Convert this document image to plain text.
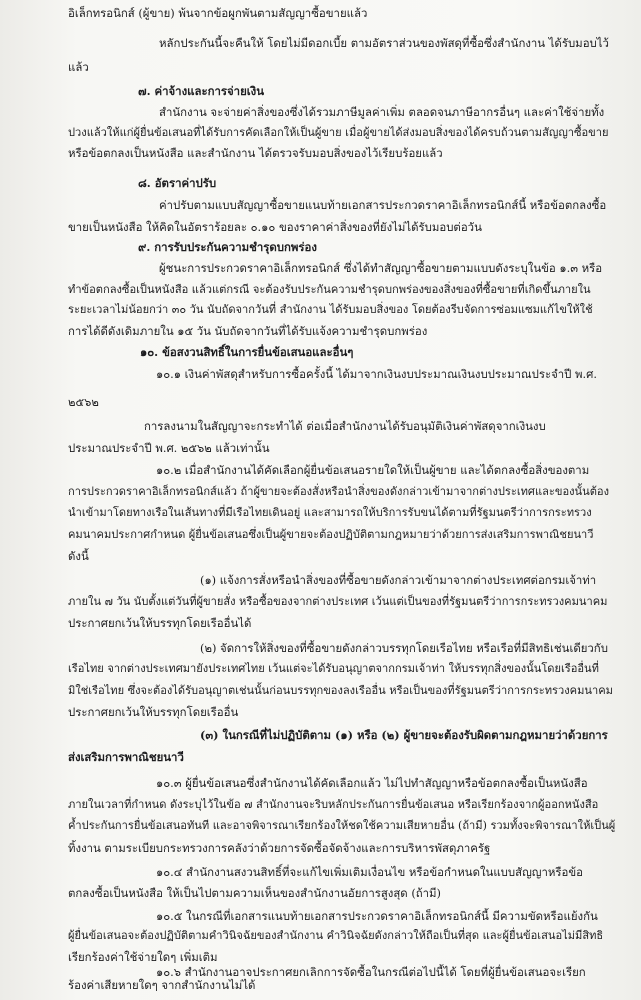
อิเล็กทรอนิกส์ (ผู้ขาย) พ้นจากข้อผูกพันตามสัญญาซื้อขายแล้ว

หลักประกันนี้จะคืนให้ โดยไม่มีดอกเบี้ย ตามอัตราส่วนของพัสดุที่ซื้อซึ่งสำนักงาน ได้รับมอบไว้

แล้ว

๗. ค่าจ้างและการจ่ายเงิน

สำนักงาน จะจ่ายค่าสิ่งของซึ่งได้รวมภาษีมูลค่าเพิ่ม ตลอดจนภาษีอากรอื่นๆ และค่าใช้จ่ายทั้ง

ปวงแล้วให้แก่ผู้ยื่นข้อเสนอที่ได้รับการคัดเลือกให้เป็นผู้ขาย เมื่อผู้ขายได้ส่งมอบสิ่งของได้ครบถ้วนตามสัญญาซื้อขาย

หรือข้อตกลงเป็นหนังสือ และสำนักงาน ได้ตรวจรับมอบสิ่งของไว้เรียบร้อยแล้ว

๘. อัตราค่าปรับ

ค่าปรับตามแบบสัญญาซื้อขายแนบท้ายเอกสารประกวดราคาอิเล็กทรอนิกส์นี้ หรือข้อตกลงซื้อ

ขายเป็นหนังสือ ให้คิดในอัตราร้อยละ ๐.๑๐ ของราคาค่าสิ่งของที่ยังไม่ได้รับมอบต่อวัน

๙. การรับประกันความชำรุดบกพร่อง

ผู้ชนะการประกวดราคาอิเล็กทรอนิกส์ ซึ่งได้ทำสัญญาซื้อขายตามแบบดังระบุในข้อ ๑.๓ หรือ

ทำข้อตกลงซื้อเป็นหนังสือ แล้วแต่กรณี จะต้องรับประกันความชำรุดบกพร่องของสิ่งของที่ซื้อขายที่เกิดขึ้นภายใน

ระยะเวลาไม่น้อยกว่า ๓๐ วัน นับถัดจากวันที่ สำนักงาน ได้รับมอบสิ่งของ โดยต้องรีบจัดการซ่อมแซมแก้ไขให้ใช้

การได้ดีดังเดิมภายใน ๑๕ วัน นับถัดจากวันที่ได้รับแจ้งความชำรุดบกพร่อง

๑๐. ข้อสงวนสิทธิ์ในการยื่นข้อเสนอและอื่นๆ

๑๐.๑ เงินค่าพัสดุสำหรับการซื้อครั้งนี้ ได้มาจากเงินงบประมาณเงินงบประมาณประจำปี พ.ศ.

๒๕๖๒

การลงนามในสัญญาจะกระทำได้ ต่อเมื่อสำนักงานได้รับอนุมัติเงินค่าพัสดุจากเงินงบ

ประมาณประจำปี พ.ศ. ๒๕๖๒ แล้วเท่านั้น

๑๐.๒ เมื่อสำนักงานได้คัดเลือกผู้ยื่นข้อเสนอรายใดให้เป็นผู้ขาย และได้ตกลงซื้อสิ่งของตาม

การประกวดราคาอิเล็กทรอนิกส์แล้ว ถ้าผู้ขายจะต้องสั่งหรือนำสิ่งของดังกล่าวเข้ามาจากต่างประเทศและของนั้นต้อง

นำเข้ามาโดยทางเรือในเส้นทางที่มีเรือไทยเดินอยู่ และสามารถให้บริการรับขนได้ตามที่รัฐมนตรีว่าการกระทรวง

คมนาคมประกาศกำหนด ผู้ยื่นข้อเสนอซึ่งเป็นผู้ขายจะต้องปฏิบัติตามกฎหมายว่าด้วยการส่งเสริมการพาณิชยนาวี

ดังนี้

(๑) แจ้งการสั่งหรือนำสิ่งของที่ซื้อขายดังกล่าวเข้ามาจากต่างประเทศต่อกรมเจ้าท่า

ภายใน ๗ วัน นับตั้งแต่วันที่ผู้ขายสั่ง หรือซื้อของจากต่างประเทศ เว้นแต่เป็นของที่รัฐมนตรีว่าการกระทรวงคมนาคม

ประกาศยกเว้นให้บรรทุกโดยเรืออื่นได้

(๒) จัดการให้สิ่งของที่ซื้อขายดังกล่าวบรรทุกโดยเรือไทย หรือเรือที่มีสิทธิเช่นเดียวกับ

เรือไทย จากต่างประเทศมายังประเทศไทย เว้นแต่จะได้รับอนุญาตจากกรมเจ้าท่า ให้บรรทุกสิ่งของนั้นโดยเรืออื่นที่

มิใช่เรือไทย ซึ่งจะต้องได้รับอนุญาตเช่นนั้นก่อนบรรทุกของลงเรืออื่น หรือเป็นของที่รัฐมนตรีว่าการกระทรวงคมนาคม

ประกาศยกเว้นให้บรรทุกโดยเรืออื่น

(๓) ในกรณีที่ไม่ปฏิบัติตาม (๑) หรือ (๒) ผู้ขายจะต้องรับผิดตามกฎหมายว่าด้วยการ

ส่งเสริมการพาณิชยนาวี

๑๐.๓ ผู้ยื่นข้อเสนอซึ่งสำนักงานได้คัดเลือกแล้ว ไม่ไปทำสัญญาหรือข้อตกลงซื้อเป็นหนังสือ

ภายในเวลาที่กำหนด ดังระบุไว้ในข้อ ๗ สำนักงานจะริบหลักประกันการยื่นข้อเสนอ หรือเรียกร้องจากผู้ออกหนังสือ

ค้ำประกันการยื่นข้อเสนอทันที และอาจพิจารณาเรียกร้องให้ชดใช้ความเสียหายอื่น (ถ้ามี) รวมทั้งจะพิจารณาให้เป็นผู้

ทิ้งงาน ตามระเบียบกระทรวงการคลังว่าด้วยการจัดซื้อจัดจ้างและการบริหารพัสดุภาครัฐ

๑๐.๔ สำนักงานสงวนสิทธิ์ที่จะแก้ไขเพิ่มเติมเงื่อนไข หรือข้อกำหนดในแบบสัญญาหรือข้อ

ตกลงซื้อเป็นหนังสือ ให้เป็นไปตามความเห็นของสำนักงานอัยการสูงสุด (ถ้ามี)

๑๐.๕ ในกรณีที่เอกสารแนบท้ายเอกสารประกวดราคาอิเล็กทรอนิกส์นี้ มีความขัดหรือแย้งกัน

ผู้ยื่นข้อเสนอจะต้องปฏิบัติตามคำวินิจฉัยของสำนักงาน คำวินิจฉัยดังกล่าวให้ถือเป็นที่สุด และผู้ยื่นข้อเสนอไม่มีสิทธิ

เรียกร้องค่าใช้จ่ายใดๆ เพิ่มเติม

๑๐.๖ สำนักงานอาจประกาศยกเลิกการจัดซื้อในกรณีต่อไปนี้ได้ โดยที่ผู้ยื่นข้อเสนอจะเรียก

ร้องค่าเสียหายใดๆ จากสำนักงานไม่ได้
